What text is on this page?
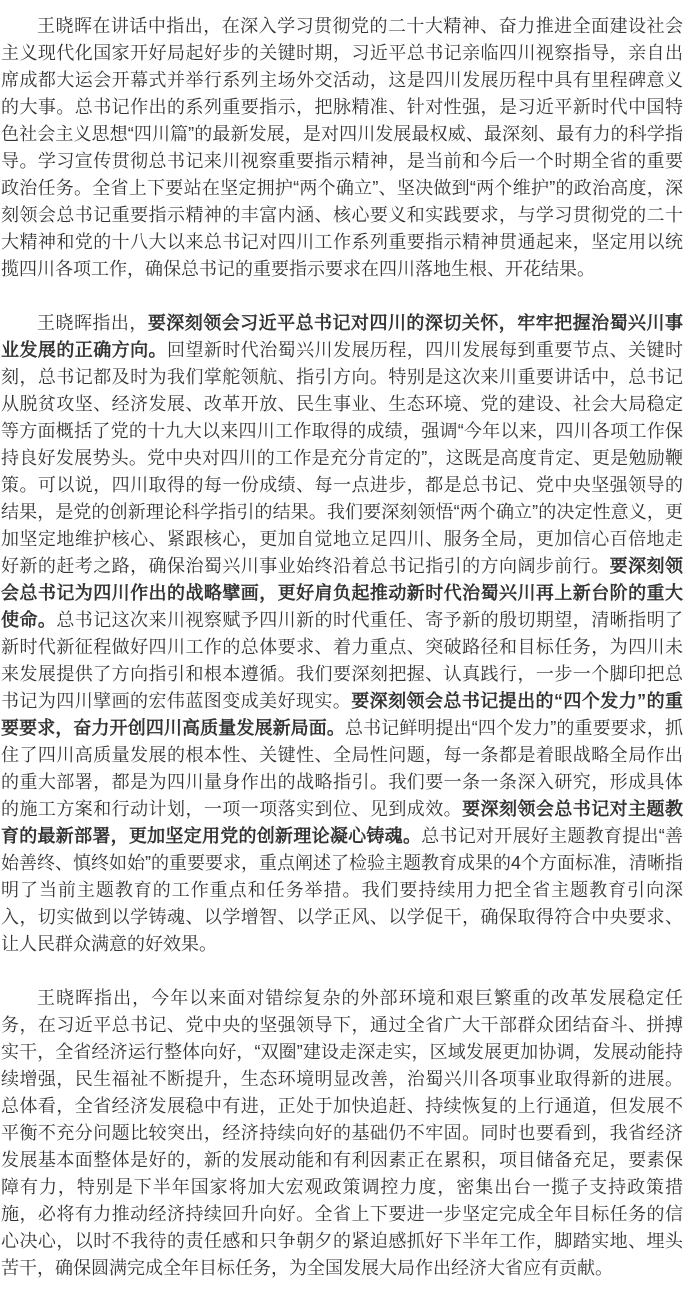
王晓晖在讲话中指出，在深入学习贯彻党的二十大精神、奋力推进全面建设社会主义现代化国家开好局起好步的关键时期，习近平总书记亲临四川视察指导，亲自出席成都大运会开幕式并举行系列主场外交活动，这是四川发展历程中具有里程碑意义的大事。总书记作出的系列重要指示，把脉精准、针对性强，是习近平新时代中国特色社会主义思想“四川篇”的最新发展，是对四川发展最权威、最深刻、最有力的科学指导。学习宣传贯彻总书记来川视察重要指示精神，是当前和今后一个时期全省的重要政治任务。全省上下要站在坚定拥护“两个确立”、坚决做到“两个维护”的政治高度，深刻领会总书记重要指示精神的丰富内涵、核心要义和实践要求，与学习贯彻党的二十大精神和党的十八大以来总书记对四川工作系列重要指示精神贯通起来，坚定用以统揽四川各项工作，确保总书记的重要指示要求在四川落地生根、开花结果。

王晓晖指出，要深刻领会习近平总书记对四川的深切关怀，牢牢把握治蜀兴川事业发展的正确方向。回望新时代治蜀兴川发展历程，四川发展每到重要节点、关键时刻，总书记都及时为我们掌舵领航、指引方向。特别是这次来川重要讲话中，总书记从脱贫攻坚、经济发展、改革开放、民生事业、生态环境、党的建设、社会大局稳定等方面概括了党的十九大以来四川工作取得的成绩，强调“今年以来，四川各项工作保持良好发展势头。党中央对四川的工作是充分肯定的”，这既是高度肯定、更是勉励鞭策。可以说，四川取得的每一份成绩、每一点进步，都是总书记、党中央坚强领导的结果，是党的创新理论科学指引的结果。我们要深刻领悟“两个确立”的决定性意义，更加坚定地维护核心、紧跟核心，更加自觉地立足四川、服务全局，更加信心百倍地走好新的赶考之路，确保治蜀兴川事业始终沿着总书记指引的方向阔步前行。要深刻领会总书记为四川作出的战略擘画，更好肩负起推动新时代治蜀兴川再上新台阶的重大使命。总书记这次来川视察赋予四川新的时代重任、寄予新的殷切期望，清晰指明了新时代新征程做好四川工作的总体要求、着力重点、突破路径和目标任务，为四川未来发展提供了方向指引和根本遵循。我们要深刻把握、认真践行，一步一个脚印把总书记为四川擘画的宏伟蓝图变成美好现实。要深刻领会总书记提出的“四个发力”的重要要求，奋力开创四川高质量发展新局面。总书记鲜明提出“四个发力”的重要要求，抓住了四川高质量发展的根本性、关键性、全局性问题，每一条都是着眼战略全局作出的重大部署，都是为四川量身作出的战略指引。我们要一条一条深入研究，形成具体的施工方案和行动计划，一项一项落实到位、见到成效。要深刻领会总书记对主题教育的最新部署，更加坚定用党的创新理论凝心铸魂。总书记对开展好主题教育提出“善始善终、慎终如始”的重要要求，重点阐述了检验主题教育成果的4个方面标准，清晰指明了当前主题教育的工作重点和任务举措。我们要持续用力把全省主题教育引向深入，切实做到以学铸魂、以学增智、以学正风、以学促干，确保取得符合中央要求、让人民群众满意的好效果。

王晓晖指出，今年以来面对错综复杂的外部环境和艰巨繁重的改革发展稳定任务，在习近平总书记、党中央的坚强领导下，通过全省广大干部群众团结奋斗、拼搏实干，全省经济运行整体向好，“双圈”建设走深走实，区域发展更加协调，发展动能持续增强，民生福祉不断提升，生态环境明显改善，治蜀兴川各项事业取得新的进展。总体看，全省经济发展稳中有进，正处于加快追赶、持续恢复的上行通道，但发展不平衡不充分问题比较突出，经济持续向好的基础仍不牢固。同时也要看到，我省经济发展基本面整体是好的，新的发展动能和有利因素正在累积，项目储备充足，要素保障有力，特别是下半年国家将加大宏观政策调控力度，密集出台一揽子支持政策措施，必将有力推动经济持续回升向好。全省上下要进一步坚定完成全年目标任务的信心决心，以时不我待的责任感和只争朝夕的紧迫感抓好下半年工作，脚踏实地、埋头苦干，确保圆满完成全年目标任务，为全国发展大局作出经济大省应有贡献。
